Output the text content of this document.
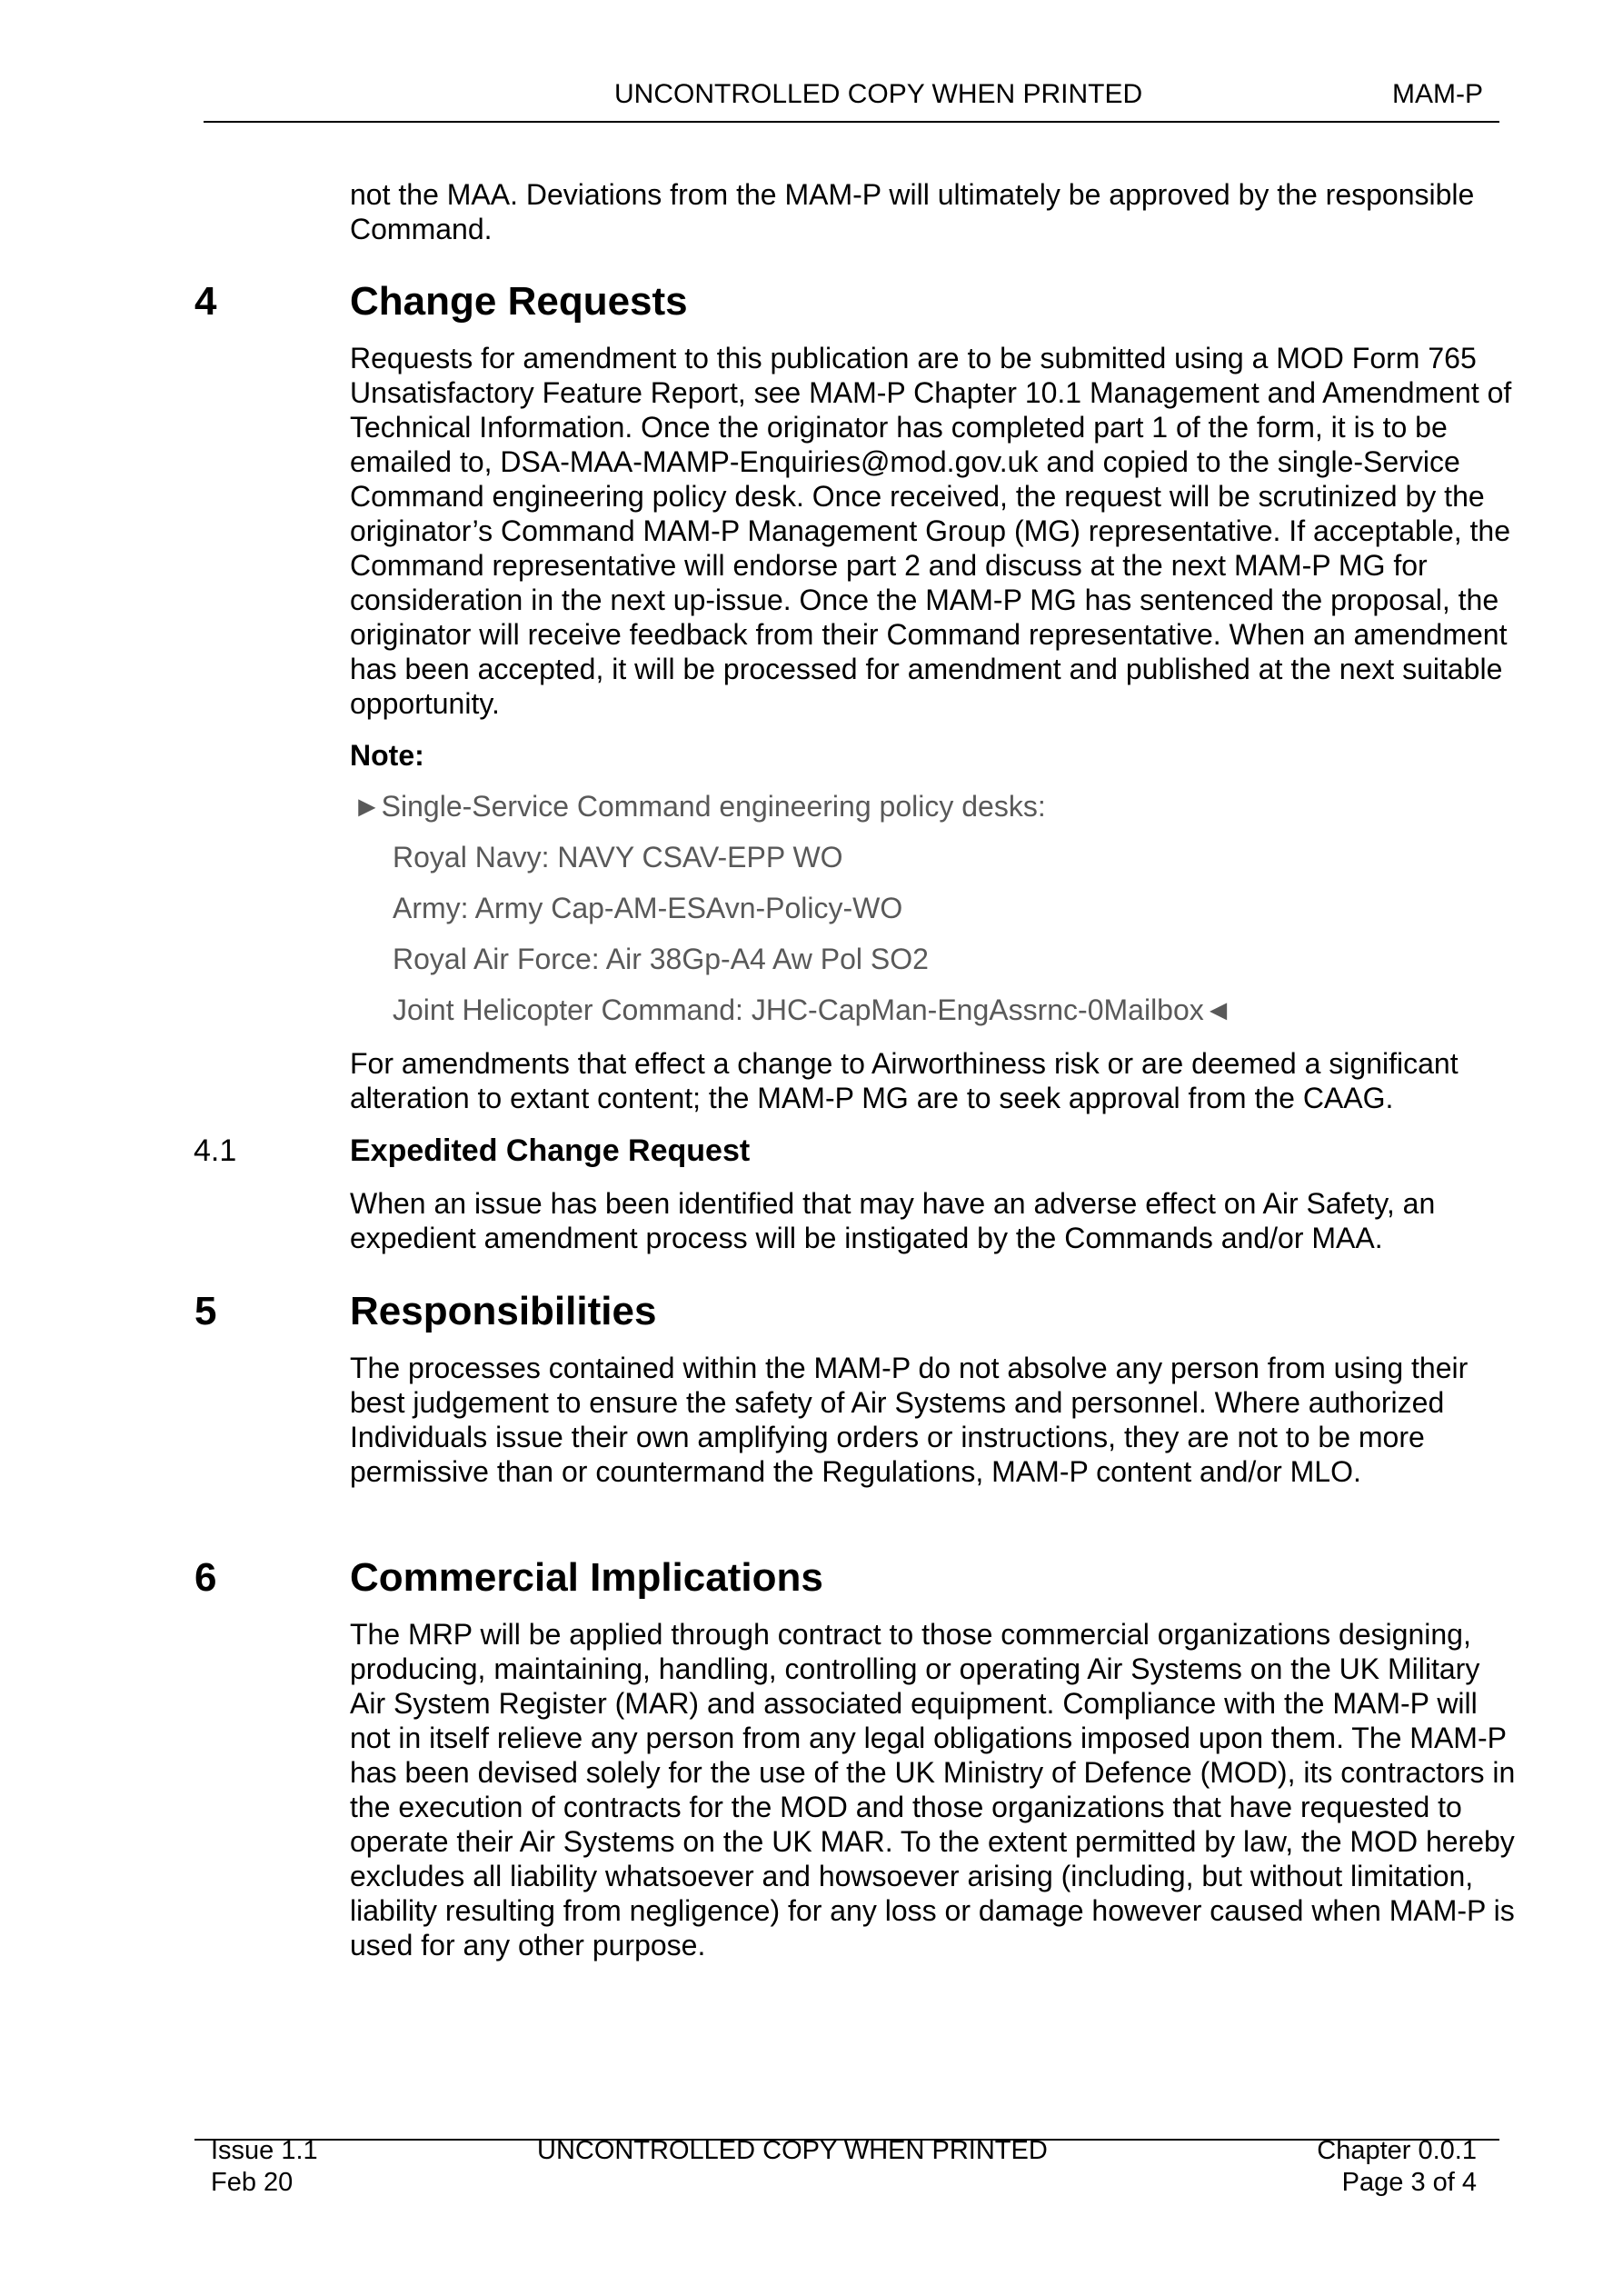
UNCONTROLLED COPY WHEN PRINTED	MAM-P

not the MAA. Deviations from the MAM-P will ultimately be approved by the responsible Command.

4	Change Requests

Requests for amendment to this publication are to be submitted using a MOD Form 765 Unsatisfactory Feature Report, see MAM-P Chapter 10.1 Management and Amendment of Technical Information. Once the originator has completed part 1 of the form, it is to be emailed to, DSA-MAA-MAMP-Enquiries@mod.gov.uk and copied to the single-Service Command engineering policy desk. Once received, the request will be scrutinized by the originator’s Command MAM-P Management Group (MG) representative. If acceptable, the Command representative will endorse part 2 and discuss at the next MAM-P MG for consideration in the next up-issue. Once the MAM-P MG has sentenced the proposal, the originator will receive feedback from their Command representative. When an amendment has been accepted, it will be processed for amendment and published at the next suitable opportunity.

Note:
►Single-Service Command engineering policy desks:
Royal Navy: NAVY CSAV-EPP WO
Army: Army Cap-AM-ESAvn-Policy-WO
Royal Air Force: Air 38Gp-A4 Aw Pol SO2
Joint Helicopter Command: JHC-CapMan-EngAssrnc-0Mailbox◄

For amendments that effect a change to Airworthiness risk or are deemed a significant alteration to extant content; the MAM-P MG are to seek approval from the CAAG.

4.1	Expedited Change Request

When an issue has been identified that may have an adverse effect on Air Safety, an expedient amendment process will be instigated by the Commands and/or MAA.

5	Responsibilities

The processes contained within the MAM-P do not absolve any person from using their best judgement to ensure the safety of Air Systems and personnel. Where authorized Individuals issue their own amplifying orders or instructions, they are not to be more permissive than or countermand the Regulations, MAM-P content and/or MLO.

6	Commercial Implications

The MRP will be applied through contract to those commercial organizations designing, producing, maintaining, handling, controlling or operating Air Systems on the UK Military Air System Register (MAR) and associated equipment. Compliance with the MAM-P will not in itself relieve any person from any legal obligations imposed upon them. The MAM-P has been devised solely for the use of the UK Ministry of Defence (MOD), its contractors in the execution of contracts for the MOD and those organizations that have requested to operate their Air Systems on the UK MAR. To the extent permitted by law, the MOD hereby excludes all liability whatsoever and howsoever arising (including, but without limitation, liability resulting from negligence) for any loss or damage however caused when MAM-P is used for any other purpose.

Issue 1.1
Feb 20
UNCONTROLLED COPY WHEN PRINTED	Chapter 0.0.1
Page 3 of 4
